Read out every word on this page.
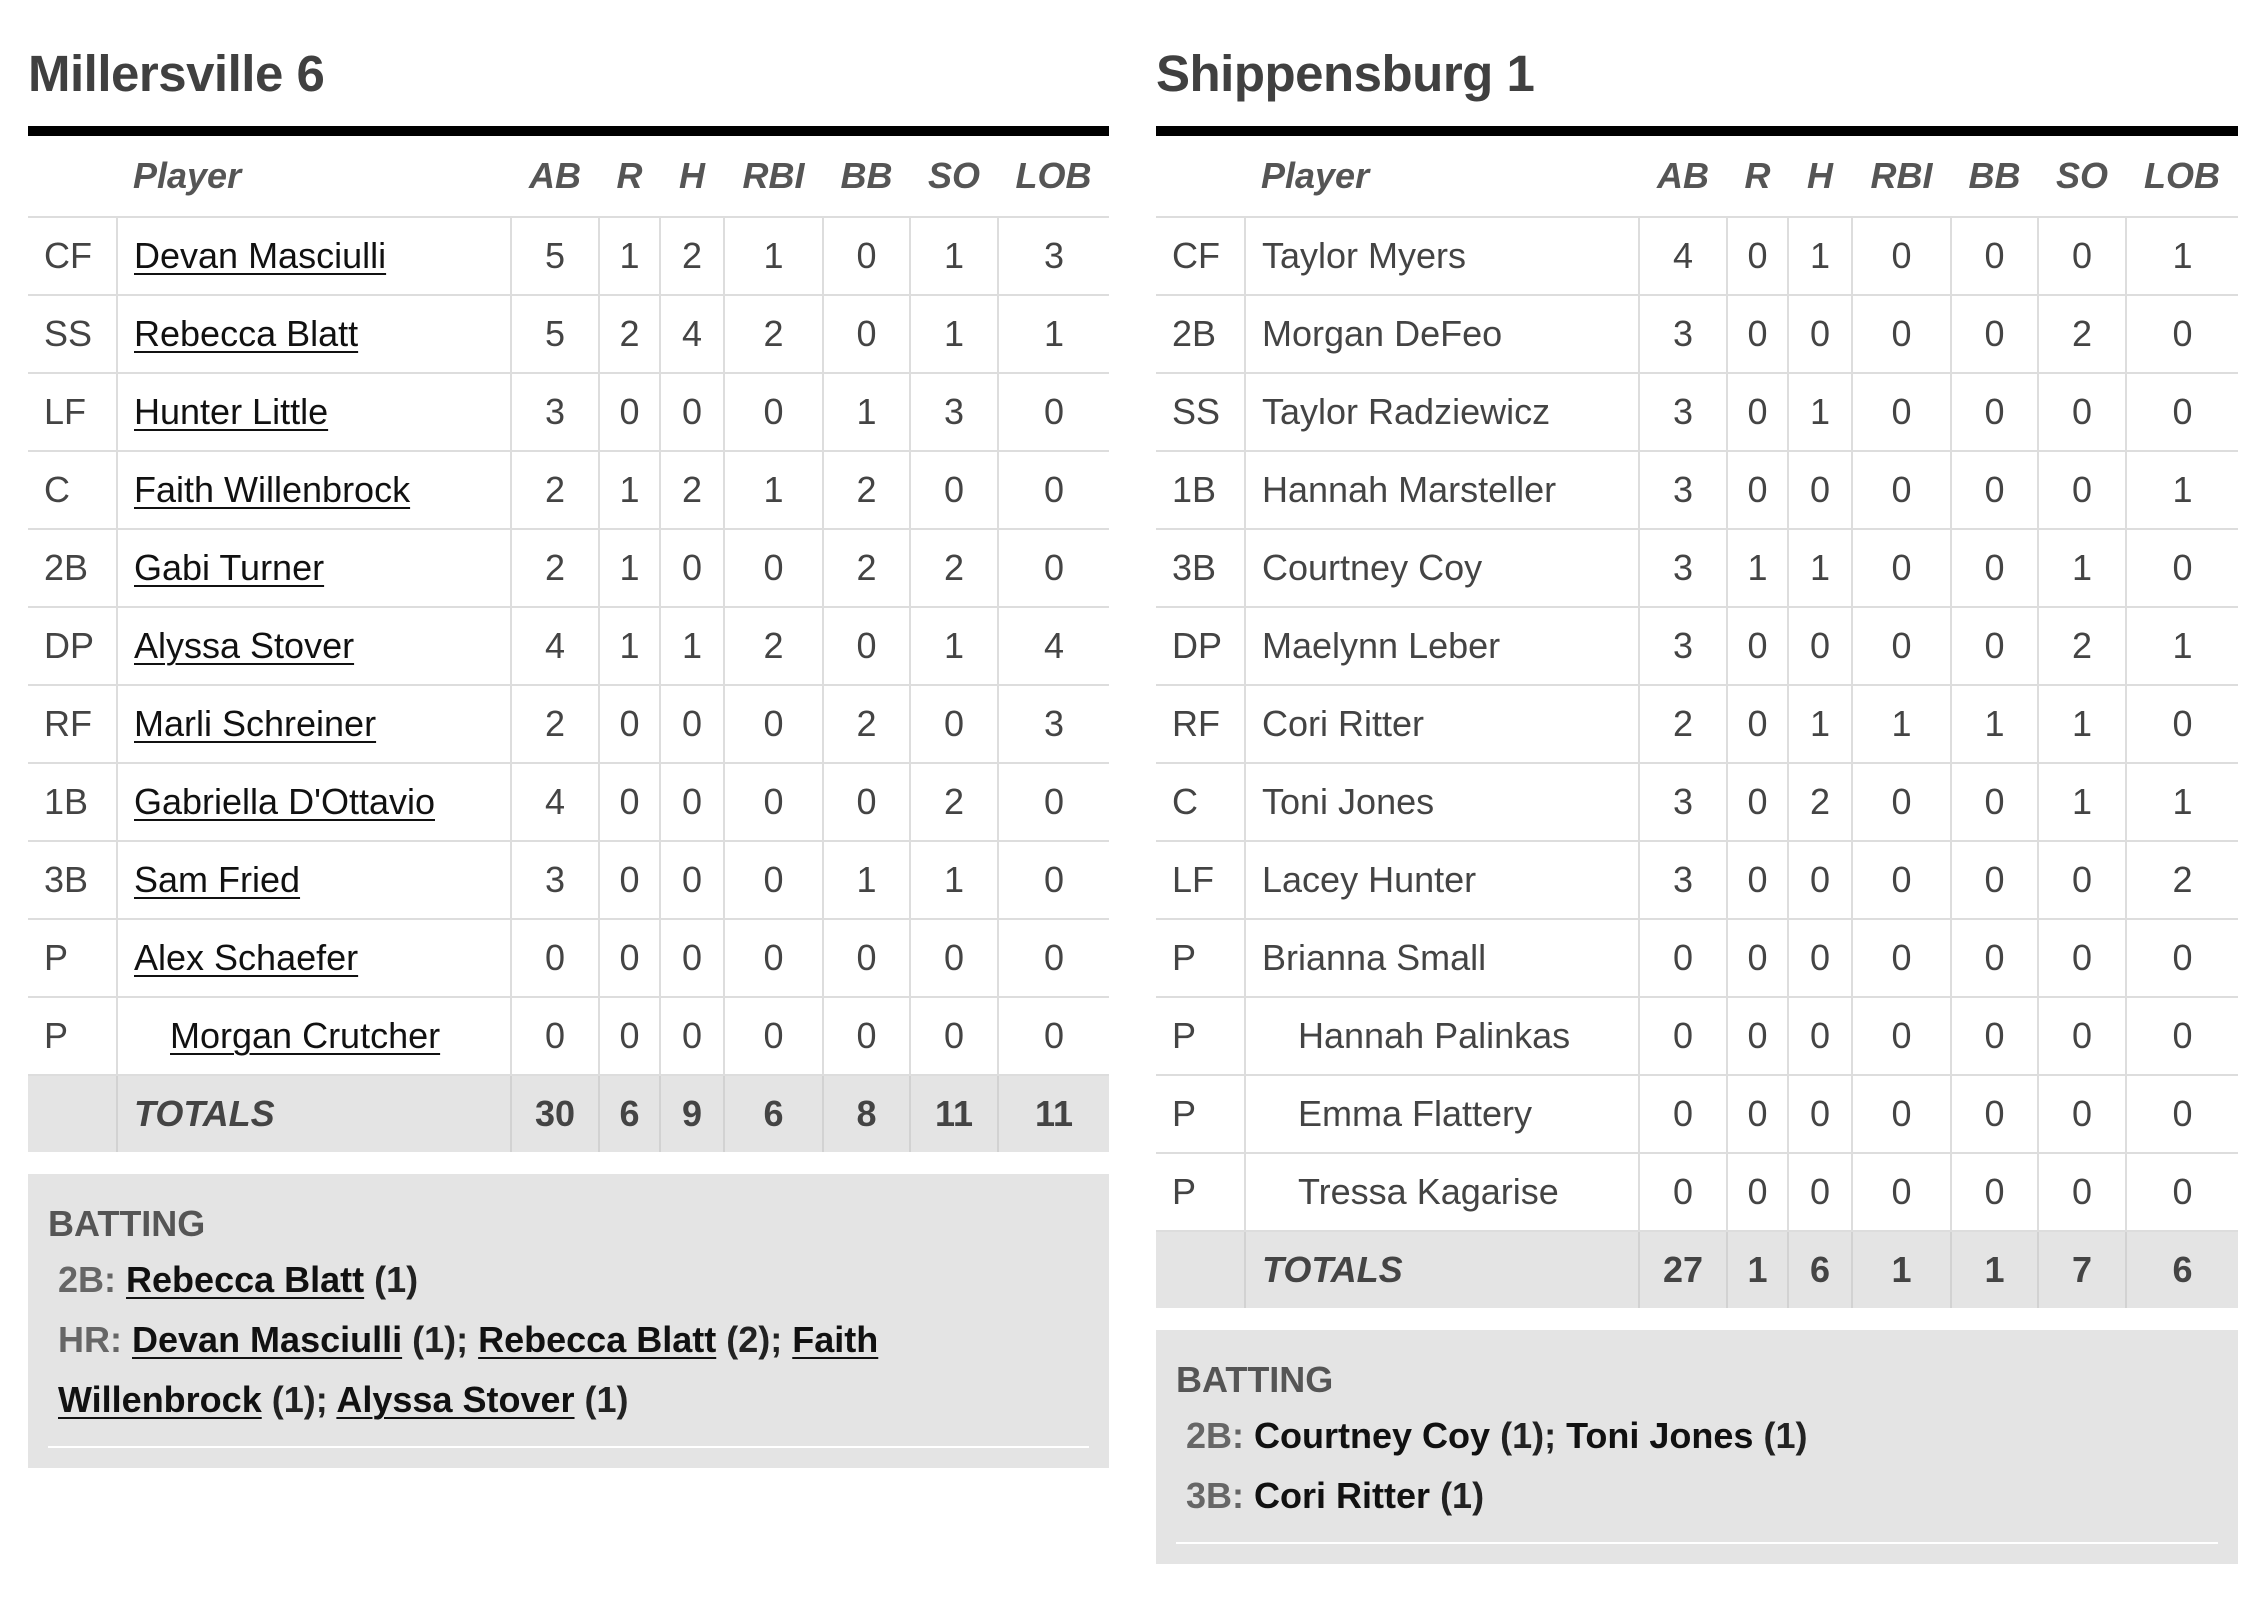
Millersville 6
	Player	AB	R	H	RBI	BB	SO	LOB
CF	Devan Masciulli	5	1	2	1	0	1	3
SS	Rebecca Blatt	5	2	4	2	0	1	1
LF	Hunter Little	3	0	0	0	1	3	0
C	Faith Willenbrock	2	1	2	1	2	0	0
2B	Gabi Turner	2	1	0	0	2	2	0
DP	Alyssa Stover	4	1	1	2	0	1	4
RF	Marli Schreiner	2	0	0	0	2	0	3
1B	Gabriella D'Ottavio	4	0	0	0	0	2	0
3B	Sam Fried	3	0	0	0	1	1	0
P	Alex Schaefer	0	0	0	0	0	0	0
P	Morgan Crutcher	0	0	0	0	0	0	0
	TOTALS	30	6	9	6	8	11	11
BATTING
2B: Rebecca Blatt (1)
HR: Devan Masciulli (1); Rebecca Blatt (2); Faith Willenbrock (1); Alyssa Stover (1)
Shippensburg 1
	Player	AB	R	H	RBI	BB	SO	LOB
CF	Taylor Myers	4	0	1	0	0	0	1
2B	Morgan DeFeo	3	0	0	0	0	2	0
SS	Taylor Radziewicz	3	0	1	0	0	0	0
1B	Hannah Marsteller	3	0	0	0	0	0	1
3B	Courtney Coy	3	1	1	0	0	1	0
DP	Maelynn Leber	3	0	0	0	0	2	1
RF	Cori Ritter	2	0	1	1	1	1	0
C	Toni Jones	3	0	2	0	0	1	1
LF	Lacey Hunter	3	0	0	0	0	0	2
P	Brianna Small	0	0	0	0	0	0	0
P	Hannah Palinkas	0	0	0	0	0	0	0
P	Emma Flattery	0	0	0	0	0	0	0
P	Tressa Kagarise	0	0	0	0	0	0	0
	TOTALS	27	1	6	1	1	7	6
BATTING
2B: Courtney Coy (1); Toni Jones (1)
3B: Cori Ritter (1)
